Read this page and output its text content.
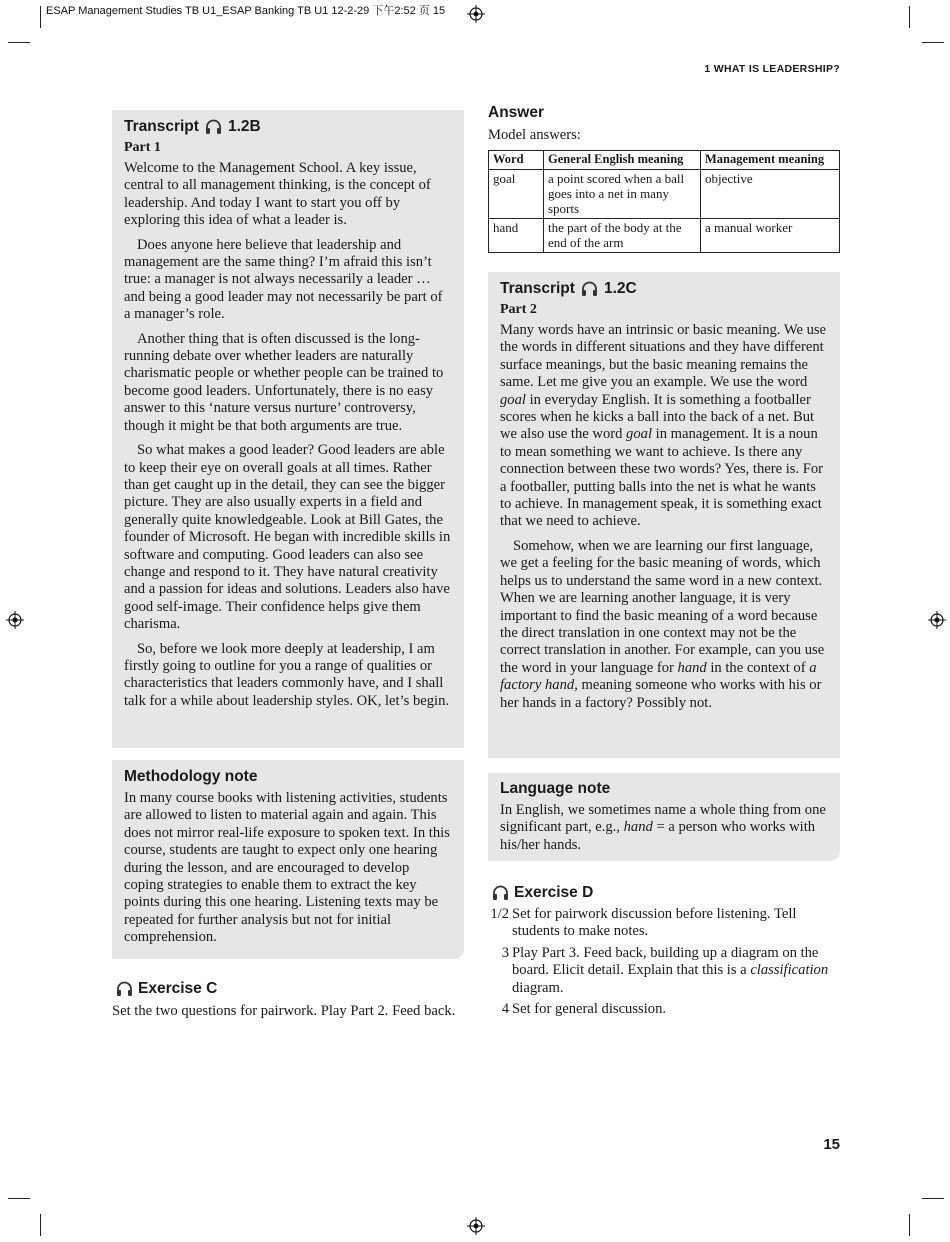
ESAP Management Studies TB U1_ESAP Banking TB U1 12-2-29 下午2:52 页 15
1 WHAT IS LEADERSHIP?
Transcript 1.2B
Part 1

Welcome to the Management School. A key issue, central to all management thinking, is the concept of leadership. And today I want to start you off by exploring this idea of what a leader is.

Does anyone here believe that leadership and management are the same thing? I’m afraid this isn’t true: a manager is not always necessarily a leader … and being a good leader may not necessarily be part of a manager’s role.

Another thing that is often discussed is the long-running debate over whether leaders are naturally charismatic people or whether people can be trained to become good leaders. Unfortunately, there is no easy answer to this ‘nature versus nurture’ controversy, though it might be that both arguments are true.

So what makes a good leader? Good leaders are able to keep their eye on overall goals at all times. Rather than get caught up in the detail, they can see the bigger picture. They are also usually experts in a field and generally quite knowledgeable. Look at Bill Gates, the founder of Microsoft. He began with incredible skills in software and computing. Good leaders can also see change and respond to it. They have natural creativity and a passion for ideas and solutions. Leaders also have good self-image. Their confidence helps give them charisma.

So, before we look more deeply at leadership, I am firstly going to outline for you a range of qualities or characteristics that leaders commonly have, and I shall talk for a while about leadership styles. OK, let’s begin.

Methodology note

In many course books with listening activities, students are allowed to listen to material again and again. This does not mirror real-life exposure to spoken text. In this course, students are taught to expect only one hearing during the lesson, and are encouraged to develop coping strategies to enable them to extract the key points during this one hearing. Listening texts may be repeated for further analysis but not for initial comprehension.

Exercise C
Set the two questions for pairwork. Play Part 2. Feed back.
Answer
Model answers:
Word	General English meaning	Management meaning
goal	a point scored when a ball goes into a net in many sports	objective
hand	the part of the body at the end of the arm	a manual worker
Transcript 1.2C
Part 2

Many words have an intrinsic or basic meaning. We use the words in different situations and they have different surface meanings, but the basic meaning remains the same. Let me give you an example. We use the word goal in everyday English. It is something a footballer scores when he kicks a ball into the back of a net. But we also use the word goal in management. It is a noun to mean something we want to achieve. Is there any connection between these two words? Yes, there is. For a footballer, putting balls into the net is what he wants to achieve. In management speak, it is something exact that we need to achieve.

Somehow, when we are learning our first language, we get a feeling for the basic meaning of words, which helps us to understand the same word in a new context. When we are learning another language, it is very important to find the basic meaning of a word because the direct translation in one context may not be the correct translation in another. For example, can you use the word in your language for hand in the context of a factory hand, meaning someone who works with his or her hands in a factory? Possibly not.

Language note

In English, we sometimes name a whole thing from one significant part, e.g., hand = a person who works with his/her hands.

Exercise D
1/2 Set for pairwork discussion before listening. Tell students to make notes.
3 Play Part 3. Feed back, building up a diagram on the board. Elicit detail. Explain that this is a classification diagram.
4 Set for general discussion.
15
